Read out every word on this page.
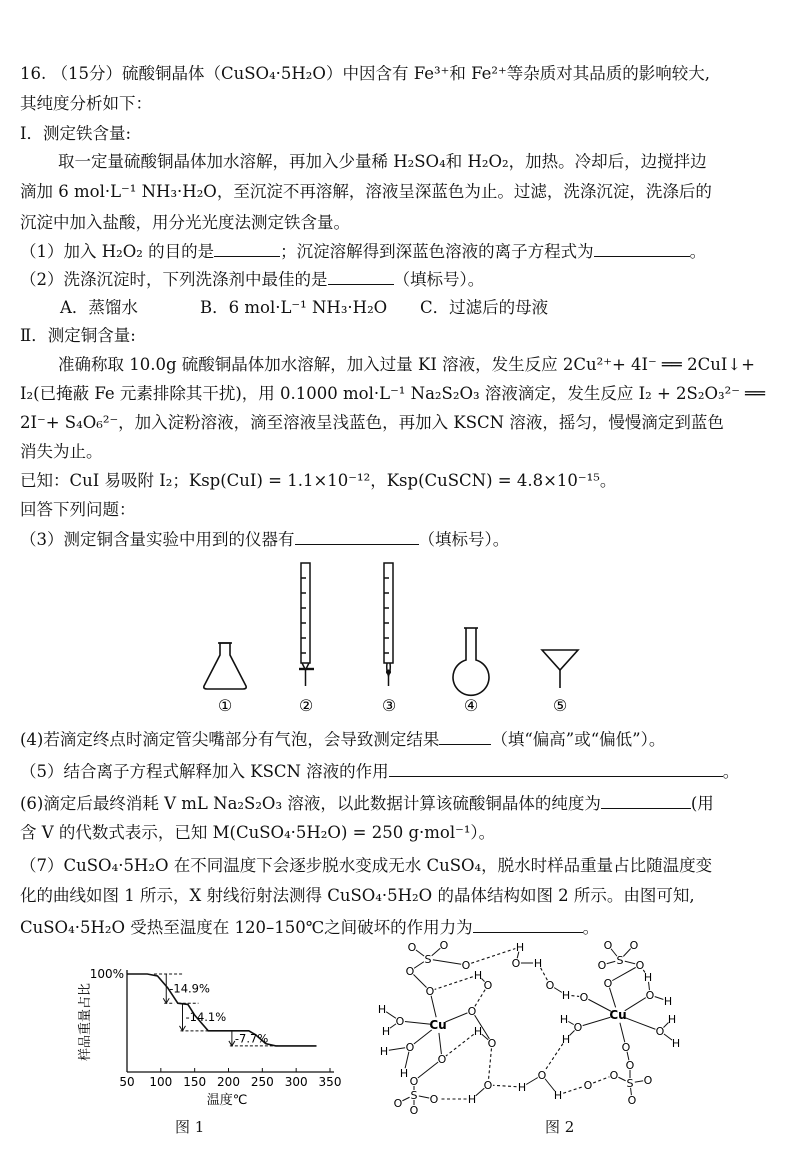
16. （15分）硫酸铜晶体（CuSO₄·5H₂O）中因含有 Fe³⁺和 Fe²⁺等杂质对其品质的影响较大,
其纯度分析如下：
Ⅰ．测定铁含量:
取一定量硫酸铜晶体加水溶解，再加入少量稀 H₂SO₄和 H₂O₂，加热。冷却后，边搅拌边
滴加 6 mol·L⁻¹ NH₃·H₂O，至沉淀不再溶解，溶液呈深蓝色为止。过滤，洗涤沉淀，洗涤后的
沉淀中加入盐酸，用分光光度法测定铁含量。
（1）加入 H₂O₂ 的目的是	；沉淀溶解得到深蓝色溶液的离子方程式为	。
（2）洗涤沉淀时，下列洗涤剂中最佳的是	（填标号）。
A．蒸馏水	B．6 mol·L⁻¹ NH₃·H₂O C．过滤后的母液
Ⅱ．测定铜含量:
准确称取 10.0g 硫酸铜晶体加水溶解，加入过量 KI 溶液，发生反应 2Cu²⁺+ 4I⁻ ══ 2CuI↓+
I₂(已掩蔽 Fe 元素排除其干扰)，用 0.1000 mol·L⁻¹ Na₂S₂O₃ 溶液滴定，发生反应 I₂ + 2S₂O₃²⁻ ══
2I⁻+ S₄O₆²⁻，加入淀粉溶液，滴至溶液呈浅蓝色，再加入 KSCN 溶液，摇匀，慢慢滴定到蓝色
消失为止。
已知：CuI 易吸附 I₂；Ksp(CuI) = 1.1×10⁻¹²，Ksp(CuSCN) = 4.8×10⁻¹⁵。
回答下列问题：
（3）测定铜含量实验中用到的仪器有	（填标号）。
①	②	③	④	⑤
(4)若滴定终点时滴定管尖嘴部分有气泡，会导致测定结果	（填“偏高”或“偏低”）。
（5）结合离子方程式解释加入 KSCN 溶液的作用	。
(6)滴定后最终消耗 V mL Na₂S₂O₃ 溶液，以此数据计算该硫酸铜晶体的纯度为	(用
含 V 的代数式表示，已知 M(CuSO₄·5H₂O) = 250 g·mol⁻¹）。
（7）CuSO₄·5H₂O 在不同温度下会逐步脱水变成无水 CuSO₄，脱水时样品重量占比随温度变
化的曲线如图 1 所示，X 射线衍射法测得 CuSO₄·5H₂O 的晶体结构如图 2 所示。由图可知,
CuSO₄·5H₂O 受热至温度在 120–150℃之间破坏的作用力为	。
样品重量占比
100%
50 100 150 200 250 300 350
-14.9%
-14.1%
-7.7%
温度℃
图 1
Cu
Cu
S
O O
O	O	S
O O
O	O
S
O O
O
O
S
O O
O
O
O
O
O
O
O
H
H
H
H
O
H
H
O H
O
H
O
H O	O
H
H
O
H
H
O
H
H
O
O
O
H
H
O
H
O
图 2
